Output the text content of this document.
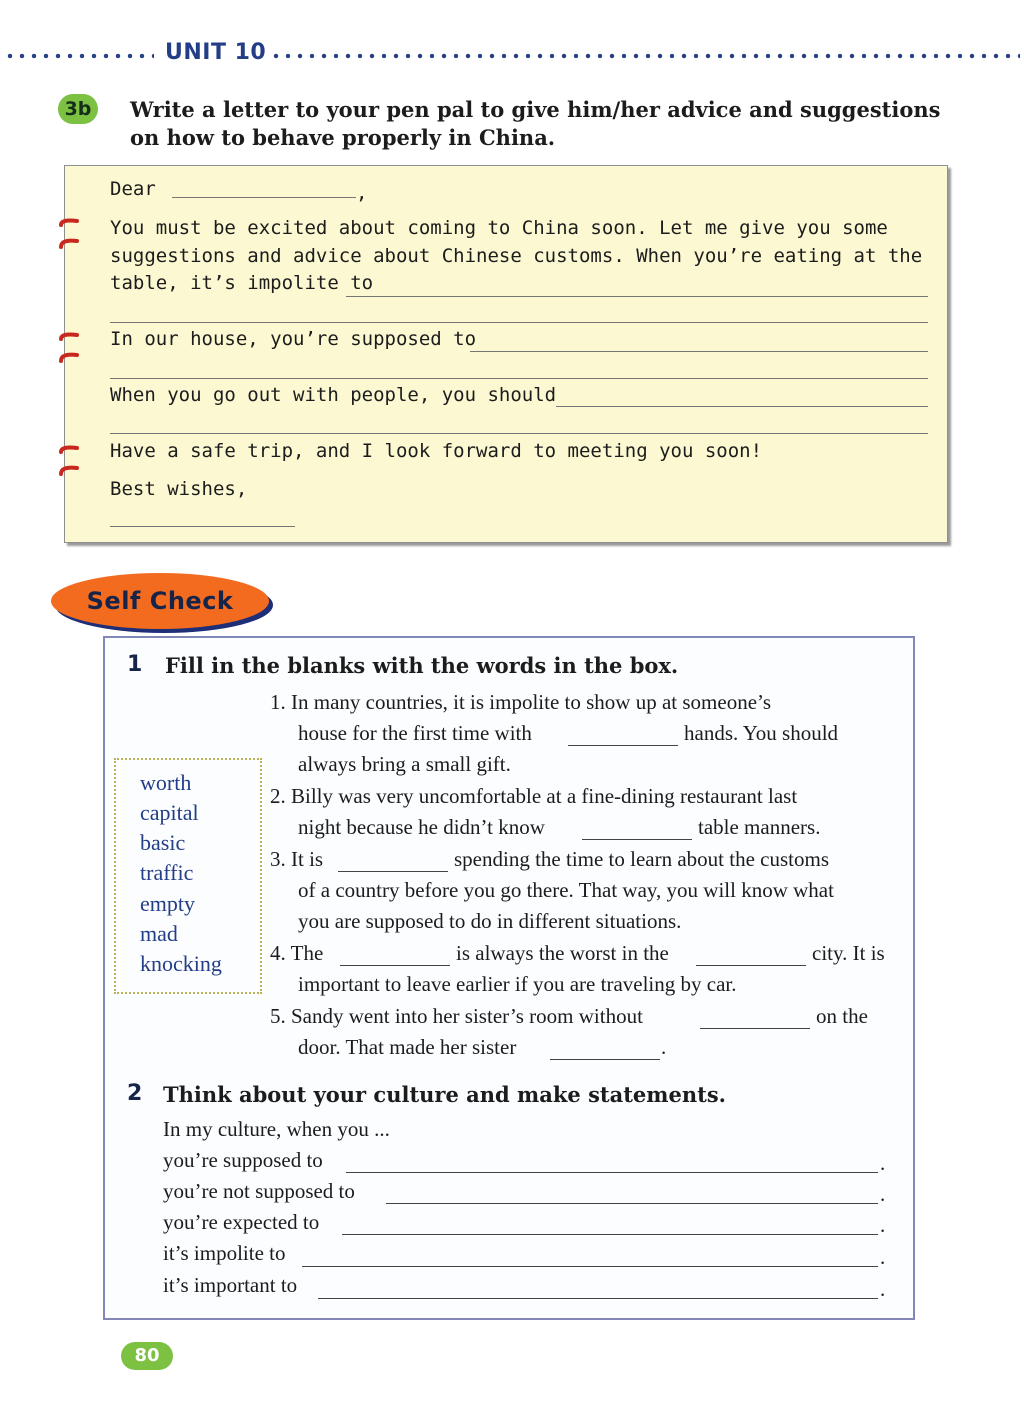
UNIT 10
3b	Write a letter to your pen pal to give him/her advice and suggestions on how to behave properly in China.
Dear	,
You must be excited about coming to China soon. Let me give you some
suggestions and advice about Chinese customs. When you’re eating at the
table, it’s impolite to
In our house, you’re supposed to
When you go out with people, you should
Have a safe trip, and I look forward to meeting you soon!
Best wishes,
Self Check
1 Fill in the blanks with the words in the box.
worth
capital
basic
traffic
empty
mad
knocking
1. In many countries, it is impolite to show up at someone’s
house for the first time with	hands. You should
always bring a small gift.
2. Billy was very uncomfortable at a fine-dining restaurant last
night because he didn’t know	table manners.
3. It is	spending the time to learn about the customs
of a country before you go there. That way, you will know what
you are supposed to do in different situations.
4. The	is always the worst in the	city. It is
important to leave earlier if you are traveling by car.
5. Sandy went into her sister’s room without	on the
door. That made her sister	.
2 Think about your culture and make statements.
In my culture, when you ...
you’re supposed to	.
you’re not supposed to	.
you’re expected to	.
it’s impolite to	.
it’s important to	.
80
